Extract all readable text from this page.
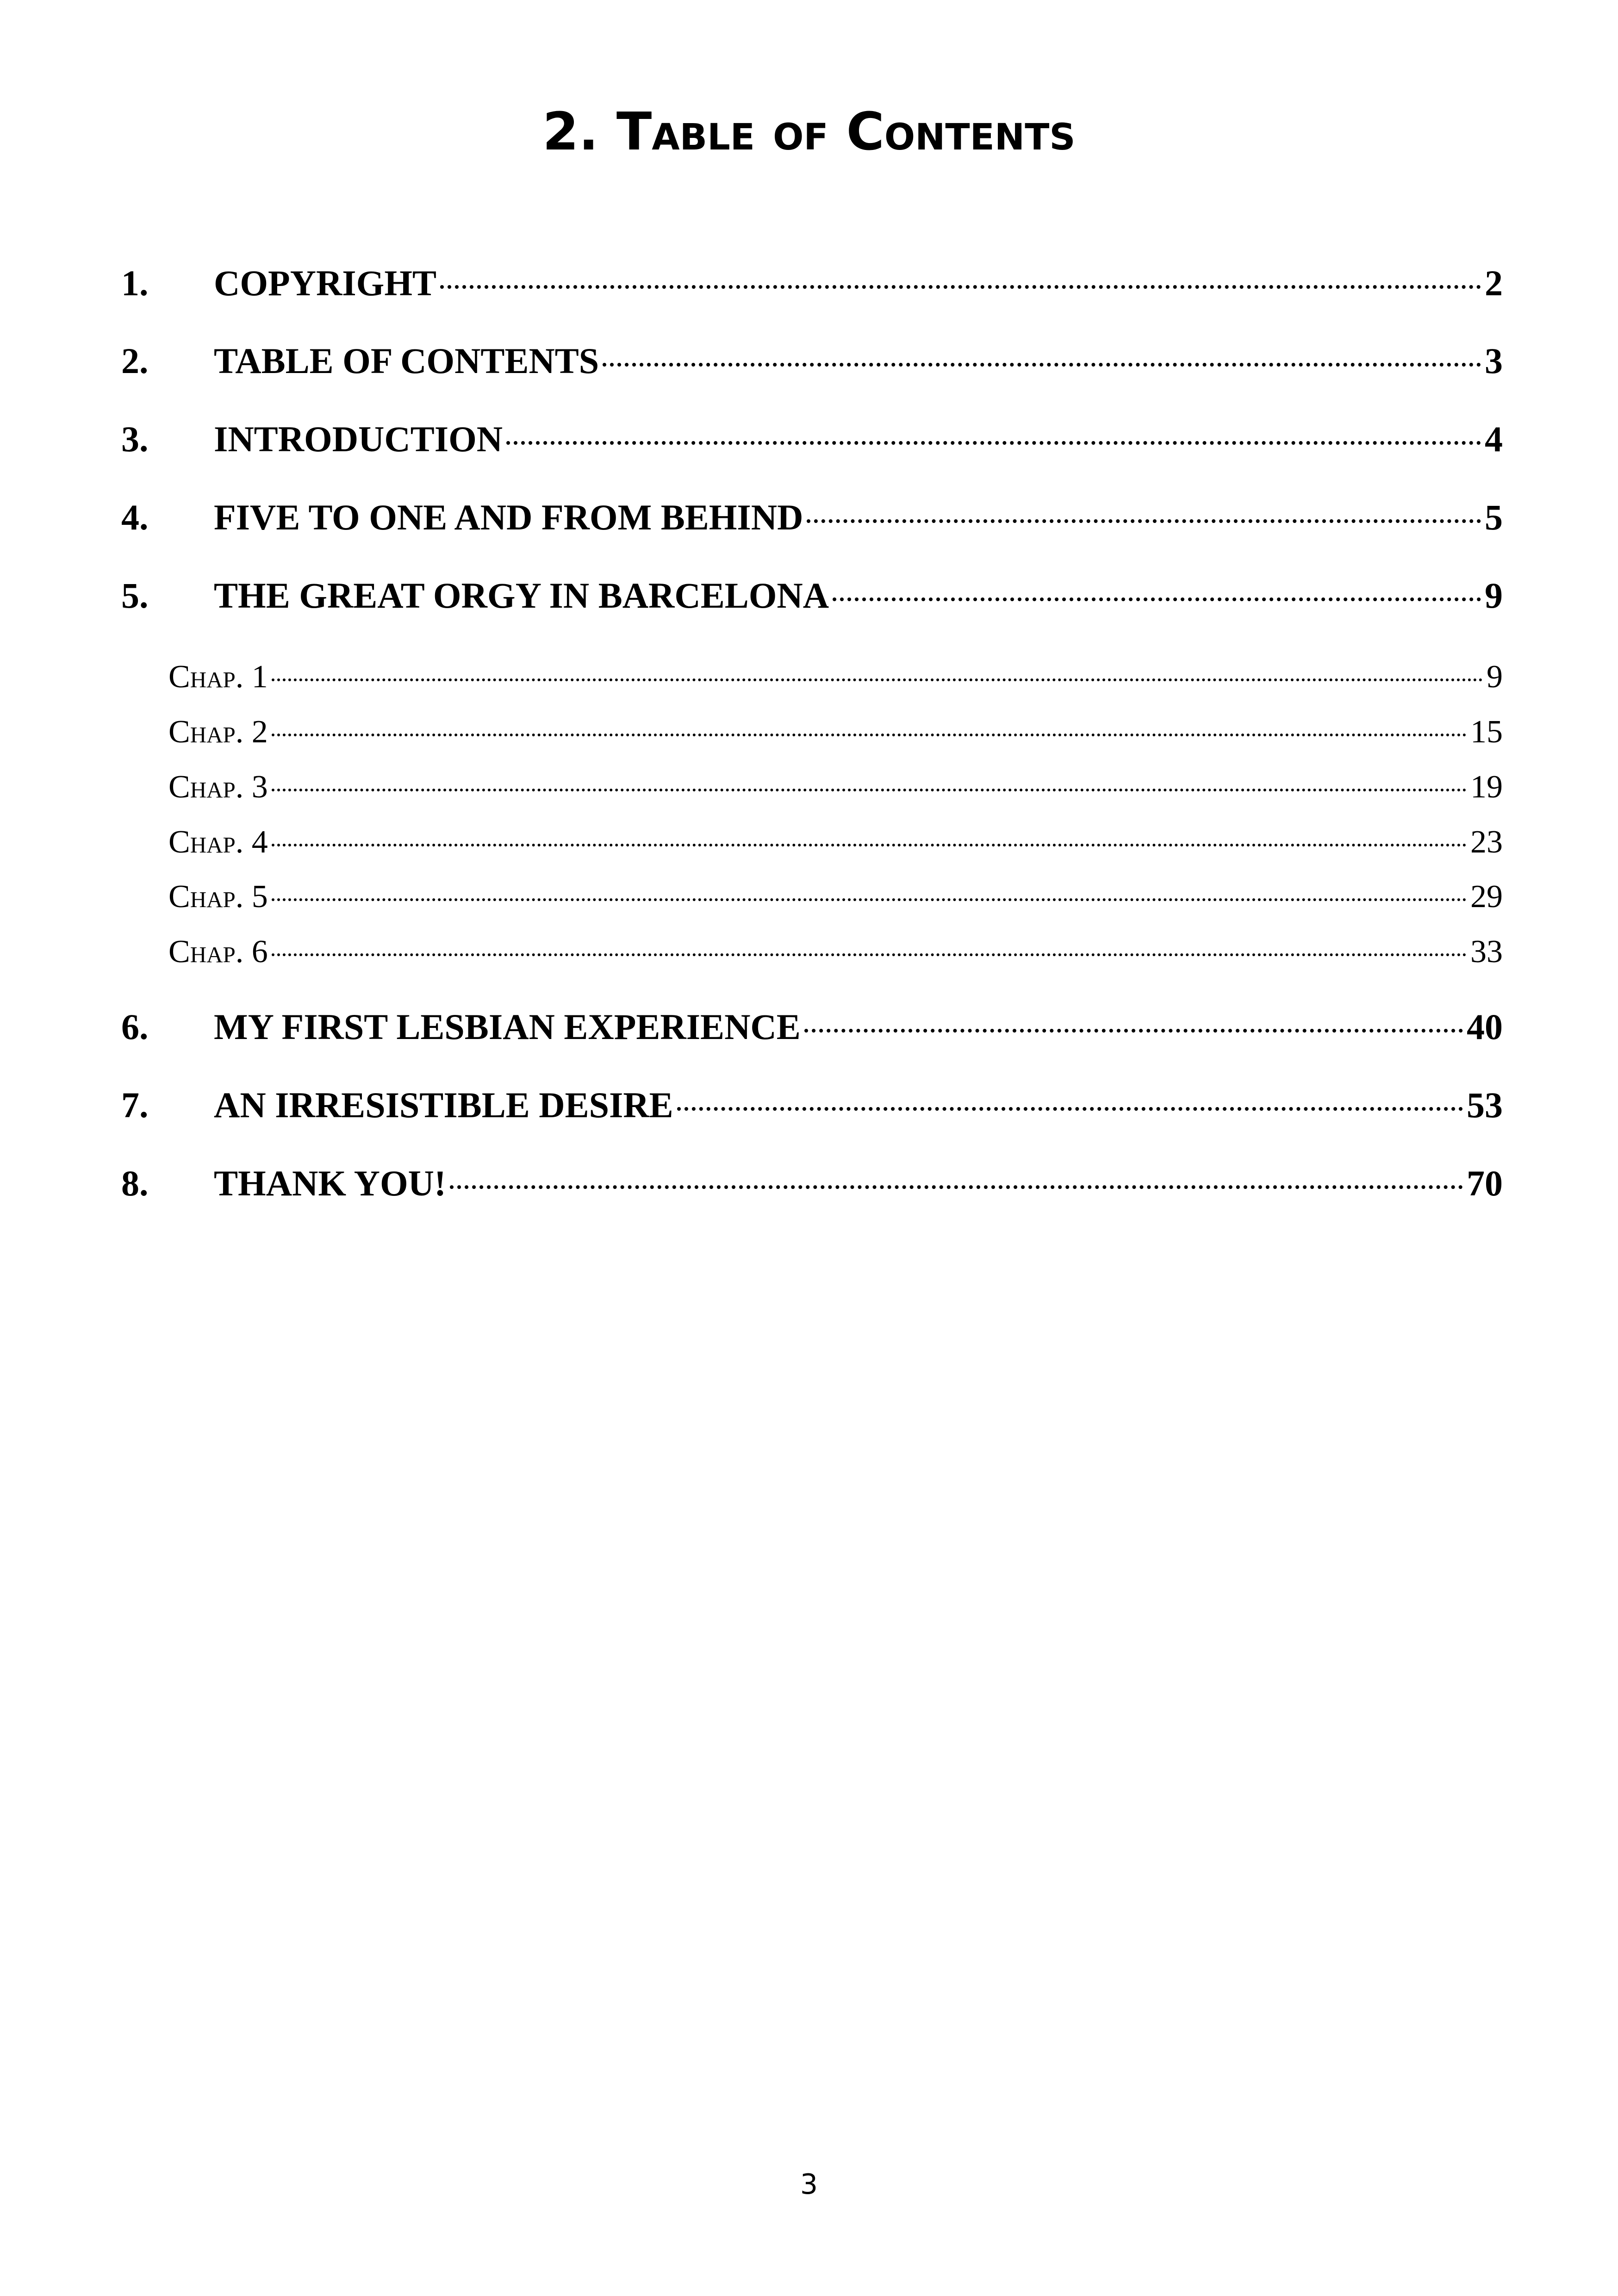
2. Table of Contents
1.	COPYRIGHT	2
2.	TABLE OF CONTENTS	3
3.	INTRODUCTION	4
4.	FIVE TO ONE AND FROM BEHIND	5
5.	THE GREAT ORGY IN BARCELONA	9
Chap. 1	9
Chap. 2	15
Chap. 3	19
Chap. 4	23
Chap. 5	29
Chap. 6	33
6.	MY FIRST LESBIAN EXPERIENCE	40
7.	AN IRRESISTIBLE DESIRE	53
8.	THANK YOU!	70
3
